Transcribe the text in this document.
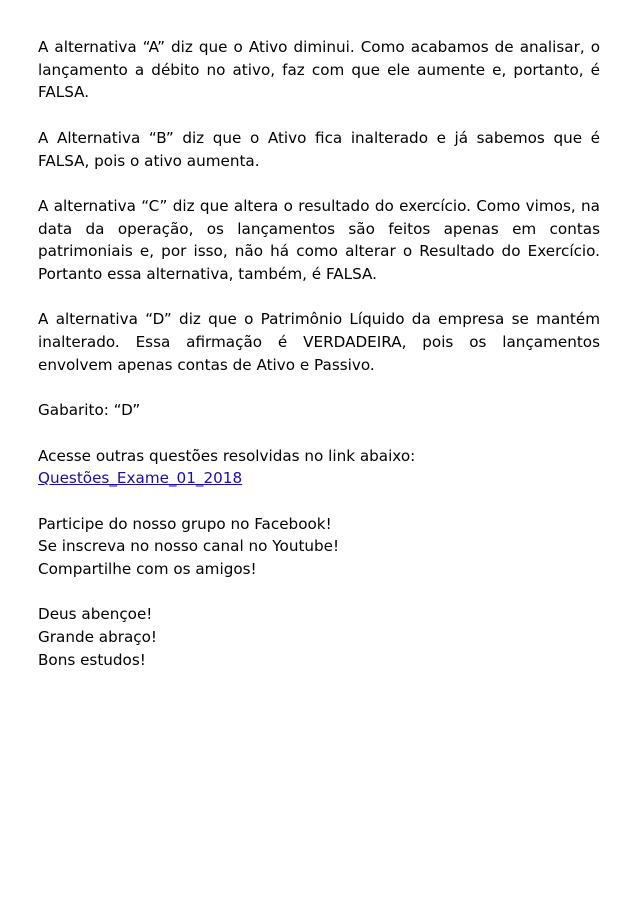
A alternativa “A” diz que o Ativo diminui. Como acabamos de analisar, o lançamento a débito no ativo, faz com que ele aumente e, portanto, é FALSA.

A Alternativa “B” diz que o Ativo fica inalterado e já sabemos que é FALSA, pois o ativo aumenta.

A alternativa “C” diz que altera o resultado do exercício. Como vimos, na data da operação, os lançamentos são feitos apenas em contas patrimoniais e, por isso, não há como alterar o Resultado do Exercício. Portanto essa alternativa, também, é FALSA.

A alternativa “D” diz que o Patrimônio Líquido da empresa se mantém inalterado. Essa afirmação é VERDADEIRA, pois os lançamentos envolvem apenas contas de Ativo e Passivo.

Gabarito: “D”

Acesse outras questões resolvidas no link abaixo:
Questões_Exame_01_2018

Participe do nosso grupo no Facebook!
Se inscreva no nosso canal no Youtube!
Compartilhe com os amigos!

Deus abençoe!
Grande abraço!
Bons estudos!
